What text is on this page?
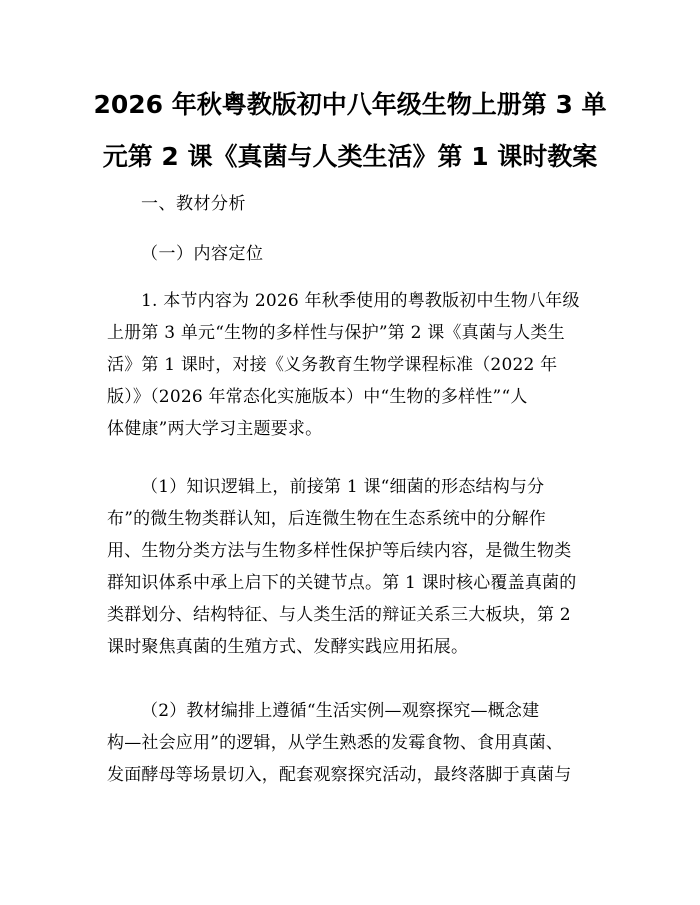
2026 年秋粤教版初中八年级生物上册第 3 单
元第 2 课《真菌与人类生活》第 1 课时教案
一、教材分析
（一）内容定位
1. 本节内容为 2026 年秋季使用的粤教版初中生物八年级
上册第 3 单元“生物的多样性与保护”第 2 课《真菌与人类生
活》第 1 课时，对接《义务教育生物学课程标准（2022 年
版）》（2026 年常态化实施版本）中“生物的多样性”“人
体健康”两大学习主题要求。
（1）知识逻辑上，前接第 1 课“细菌的形态结构与分
布”的微生物类群认知，后连微生物在生态系统中的分解作
用、生物分类方法与生物多样性保护等后续内容，是微生物类
群知识体系中承上启下的关键节点。第 1 课时核心覆盖真菌的
类群划分、结构特征、与人类生活的辩证关系三大板块，第 2
课时聚焦真菌的生殖方式、发酵实践应用拓展。
（2）教材编排上遵循“生活实例—观察探究—概念建
构—社会应用”的逻辑，从学生熟悉的发霉食物、食用真菌、
发面酵母等场景切入，配套观察探究活动，最终落脚于真菌与
